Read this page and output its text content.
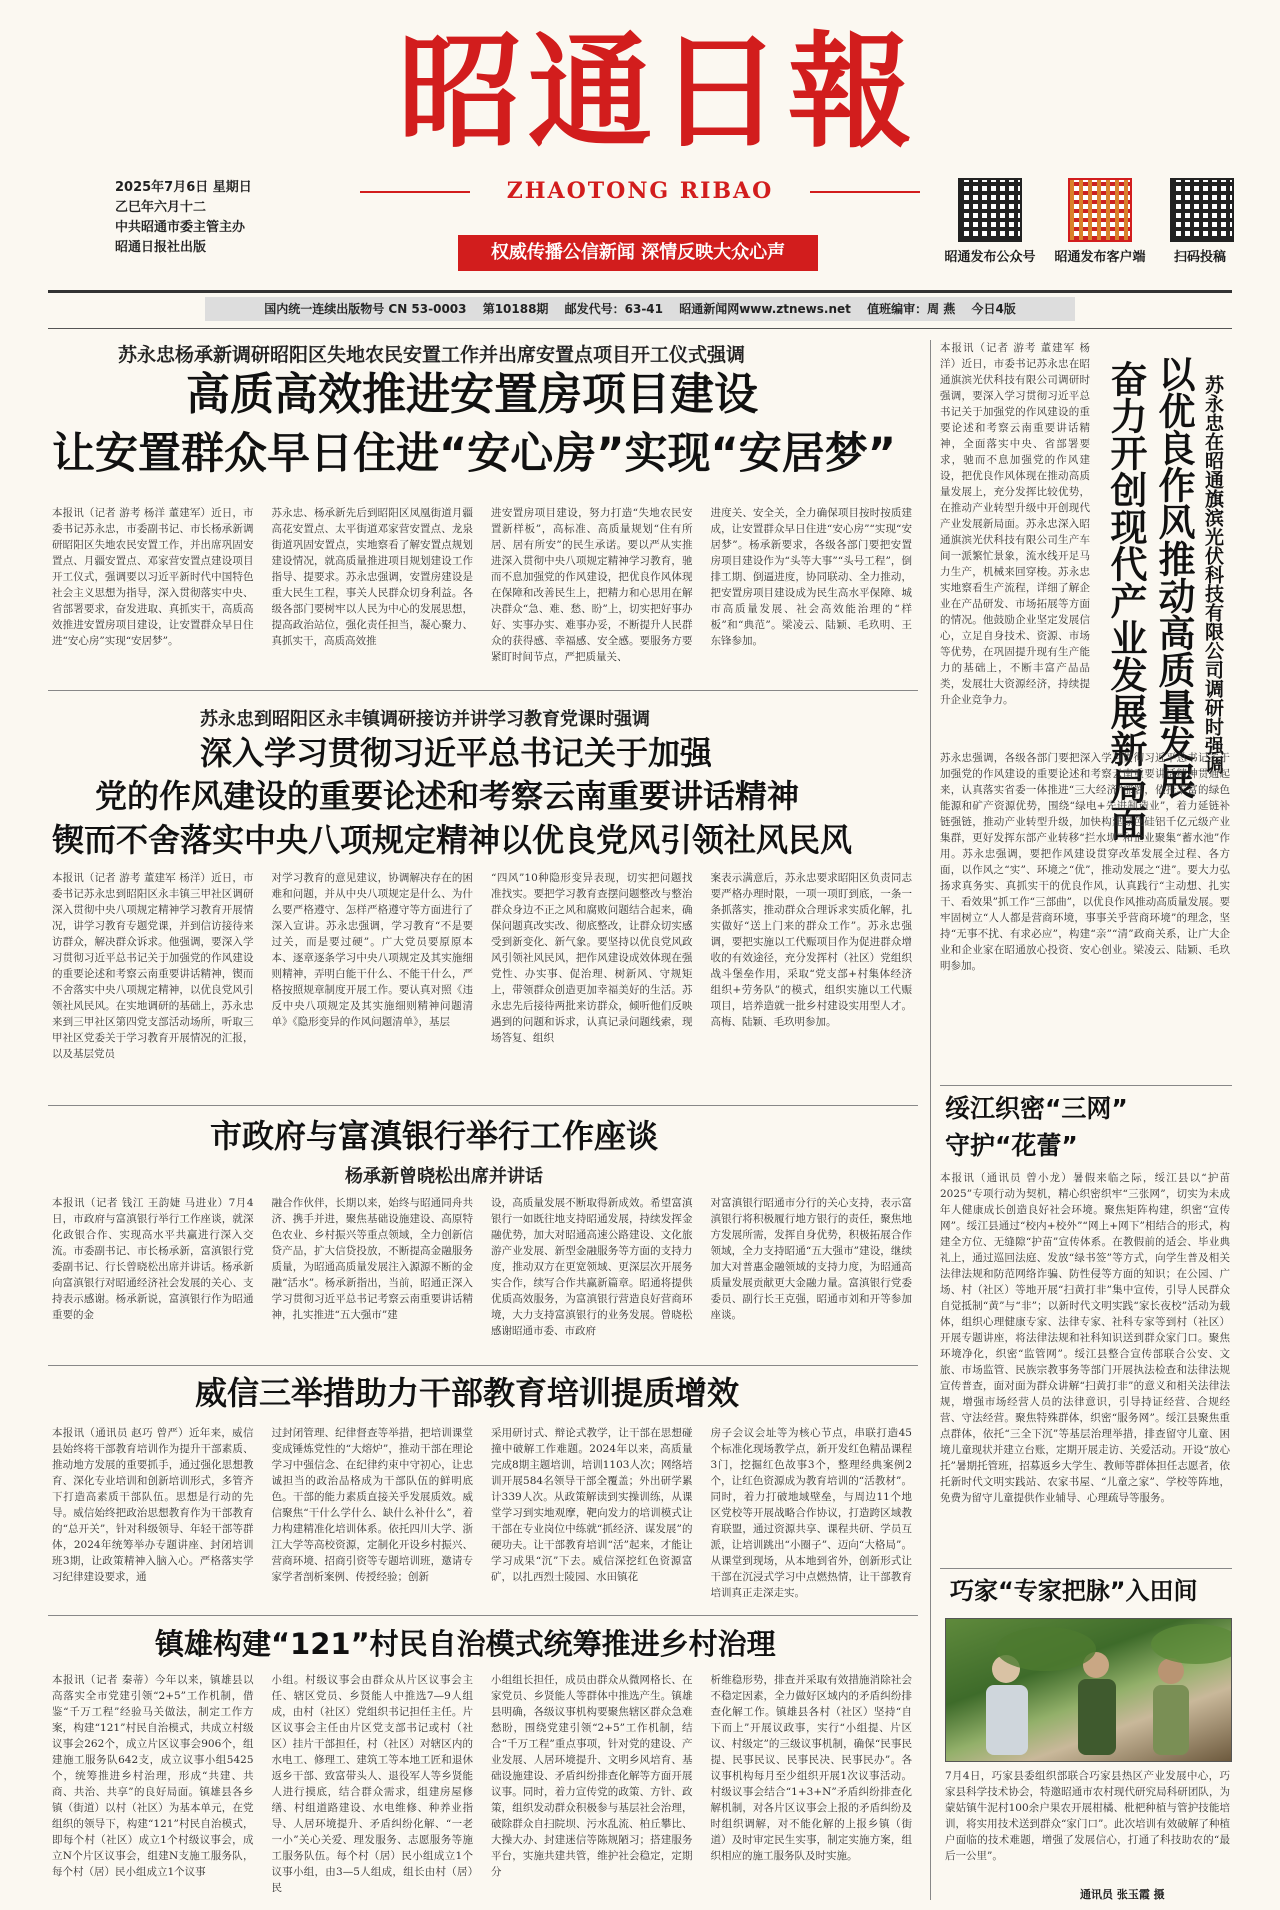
2025年7月6日 星期日
乙巳年六月十二
中共昭通市委主管主办
昭通日报社出版
昭通日報
ZHAOTONG RIBAO
权威传播公信新闻 深情反映大众心声	昭通发布公众号	昭通发布客户端	扫码投稿
国内统一连续出版物号 CN 53-0003 第10188期 邮发代号：63-41 昭通新闻网www.ztnews.net 值班编审：周 燕 今日4版
苏永忠杨承新调研昭阳区失地农民安置工作并出席安置点项目开工仪式强调
高质高效推进安置房项目建设
让安置群众早日住进“安心房”实现“安居梦”

本报讯（记者 游考 杨洋 董建军）近日，市委书记苏永忠，市委副书记、市长杨承新调研昭阳区失地农民安置工作，并出席巩固安置点、月疆安置点、邓家营安置点建设项目开工仪式，强调要以习近平新时代中国特色社会主义思想为指导，深入贯彻落实中央、省部署要求，奋发进取、真抓实干，高质高效推进安置房项目建设，让安置群众早日住进“安心房”实现“安居梦”。

苏永忠、杨承新先后到昭阳区凤凰街道月疆高花安置点、太平街道邓家营安置点、龙泉街道巩固安置点，实地察看了解安置点规划建设情况，就高质量推进项目规划建设工作指导、提要求。苏永忠强调，安置房建设是重大民生工程，事关人民群众切身利益。各级各部门要树牢以人民为中心的发展思想，提高政治站位，强化责任担当，凝心聚力、真抓实干，高质高效推

进安置房项目建设，努力打造“失地农民安置新样板”，高标准、高质量规划“住有所居、居有所安”的民生承诺。要以严从实推进深入贯彻中央八项规定精神学习教育，驰而不息加强党的作风建设，把优良作风体现在保障和改善民生上，把精力和心思用在解决群众“急、难、愁、盼”上，切实把好事办好、实事办实、难事办妥，不断提升人民群众的获得感、幸福感、安全感。要服务方要紧盯时间节点，严把质量关、

进度关、安全关，全力确保项目按时按质建成，让安置群众早日住进“安心房”“实现“安居梦”。杨承新要求，各级各部门要把安置房项目建设作为“头等大事”“头号工程”，倒排工期、倒逼进度，协同联动、全力推动，把安置房项目建设成为民生高水平保障、城市高质量发展、社会高效能治理的“样板”和“典范”。梁凌云、陆颖、毛玖明、王东锋参加。

苏永忠到昭阳区永丰镇调研接访并讲学习教育党课时强调
深入学习贯彻习近平总书记关于加强
党的作风建设的重要论述和考察云南重要讲话精神
锲而不舍落实中央八项规定精神以优良党风引领社风民风

本报讯（记者 游考 董建军 杨洋）近日，市委书记苏永忠到昭阳区永丰镇三甲社区调研深入贯彻中央八项规定精神学习教育开展情况，讲学习教育专题党课，并到信访接待来访群众，解决群众诉求。他强调，要深入学习贯彻习近平总书记关于加强党的作风建设的重要论述和考察云南重要讲话精神，锲而不舍落实中央八项规定精神，以优良党风引领社风民风。在实地调研的基础上，苏永忠来到三甲社区第四党支部活动场所，听取三甲社区党委关于学习教育开展情况的汇报，以及基层党员

对学习教育的意见建议，协调解决存在的困难和问题，并从中央八项规定是什么、为什么要严格遵守、怎样严格遵守等方面进行了深入宣讲。苏永忠强调，学习教育“不是要过关，而是要过硬”。广大党员要原原本本、逐章逐条学习中央八项规定及其实施细则精神，弄明白能干什么、不能干什么，严格按照规章制度开展工作。要认真对照《违反中央八项规定及其实施细则精神问题清单》《隐形变异的作风问题清单》，基层

“四风”10种隐形变异表现，切实把问题找准找实。要把学习教育查摆问题整改与整治群众身边不正之风和腐败问题结合起来，确保问题真改实改、彻底整改，让群众切实感受到新变化、新气象。要坚持以优良党风政风引领社风民风，把作风建设成效体现在强党性、办实事、促治理、树新风、守规矩上，带领群众创造更加幸福美好的生活。苏永忠先后接待两批来访群众，倾听他们反映遇到的问题和诉求，认真记录问题线索，现场答复、组织

案表示满意后，苏永忠要求昭阳区负责同志要严格办理时限，一项一项盯到底，一条一条抓落实，推动群众合理诉求实质化解，扎实做好“送上门来的群众工作”。苏永忠强调，要把实施以工代赈项目作为促进群众增收的有效途径，充分发挥村（社区）党组织战斗堡垒作用，采取“党支部+村集体经济组织+劳务队”的模式，组织实施以工代赈项目，培养造就一批乡村建设实用型人才。高梅、陆颖、毛玖明参加。

市政府与富滇银行举行工作座谈
杨承新曾晓松出席并讲话

本报讯（记者 钱江 王韵婕 马进业）7月4日，市政府与富滇银行举行工作座谈，就深化政银合作、实现高水平共赢进行深入交流。市委副书记、市长杨承新，富滇银行党委副书记、行长曾晓松出席并讲话。杨承新向富滇银行对昭通经济社会发展的关心、支持表示感谢。杨承新说，富滇银行作为昭通重要的金

融合作伙伴，长期以来，始终与昭通同舟共济、携手并进，聚焦基础设施建设、高原特色农业、乡村振兴等重点领域，全力创新信贷产品，扩大信贷投放，不断提高金融服务质量，为昭通高质量发展注入源源不断的金融“活水”。杨承新指出，当前，昭通正深入学习贯彻习近平总书记考察云南重要讲话精神，扎实推进“五大强市”建

设，高质量发展不断取得新成效。希望富滇银行一如既往地支持昭通发展，持续发挥金融优势，加大对昭通高速公路建设、文化旅游产业发展、新型金融服务等方面的支持力度，推动双方在更宽领域、更深层次开展务实合作，续写合作共赢新篇章。昭通将提供优质高效服务，为富滇银行营造良好营商环境，大力支持富滇银行的业务发展。曾晓松感谢昭通市委、市政府

对富滇银行昭通市分行的关心支持，表示富滇银行将积极履行地方银行的责任，聚焦地方发展所需，发挥自身优势，积极拓展合作领域，全力支持昭通“五大强市”建设，继续加大对普惠金融领域的支持力度，为昭通高质量发展贡献更大金融力量。富滇银行党委委员、副行长王克强，昭通市刘和开等参加座谈。

威信三举措助力干部教育培训提质增效

本报讯（通讯员 赵巧 曾严）近年来，威信县始终将干部教育培训作为提升干部素质、推动地方发展的重要抓手，通过强化思想教育、深化专业培训和创新培训形式，多管齐下打造高素质干部队伍。思想是行动的先导。威信始终把政治思想教育作为干部教育的“总开关”，针对科级领导、年轻干部等群体，2024年统筹举办专题讲座、封闭培训班3期，让政策精神入脑入心。严格落实学习纪律建设要求，通

过封闭管理、纪律督查等举措，把培训课堂变成锤炼党性的“大熔炉”，推动干部在理论学习中强信念、在纪律约束中守初心，让忠诚担当的政治品格成为干部队伍的鲜明底色。干部的能力素质直接关乎发展质效。威信聚焦“干什么学什么、缺什么补什么”，着力构建精准化培训体系。依托四川大学、浙江大学等高校资源，定制化开设乡村振兴、营商环境、招商引资等专题培训班，邀请专家学者剖析案例、传授经验；创新

采用研讨式、辩论式教学，让干部在思想碰撞中破解工作难题。2024年以来，高质量完成8期主题培训，培训1103人次；网络培训开展584名领导干部全覆盖；外出研学累计339人次。从政策解读到实操训练，从课堂学习到实地观摩，靶向发力的培训模式让干部在专业岗位中练就“抓经济、谋发展”的硬功夫。让干部教育培训“活”起来，才能让学习成果“沉”下去。威信深挖红色资源富矿，以扎西烈士陵园、水田镇花

房子会议会址等为核心节点，串联打造45个标准化现场教学点，新开发红色精品课程3门，挖掘红色故事3个，整理经典案例2个，让红色资源成为教育培训的“活教材”。同时，着力打破地域壁垒，与周边11个地区党校等开展战略合作协议，打造跨区域教育联盟，通过资源共享、课程共研、学员互派，让培训跳出“小圈子”、迈向“大格局”。从课堂到现场，从本地到省外，创新形式让干部在沉浸式学习中点燃热情，让干部教育培训真正走深走实。

镇雄构建“121”村民自治模式统筹推进乡村治理

本报讯（记者 秦蒂）今年以来，镇雄县以高落实全市党建引领“2+5”工作机制，借鉴“千万工程”经验马关做法，制定工作方案，构建“121”村民自治模式，共成立村级议事会262个，成立片区议事会906个，组建施工服务队642支，成立议事小组5425个，统筹推进乡村治理，形成“共建、共商、共治、共享”的良好局面。镇雄县各乡镇（街道）以村（社区）为基本单元，在党组织的领导下，构建“121”村民自治模式，即每个村（社区）成立1个村级议事会，成立N个片区议事会，组建N支施工服务队，每个村（居）民小组成立1个议事

小组。村级议事会由群众从片区议事会主任、辖区党员、乡贤能人中推选7—9人组成，由村（社区）党组织书记担任主任。片区议事会主任由片区党支部书记或村（社区）挂片干部担任，村（社区）对辖区内的水电工、修理工、建筑工等本地工匠和退休返乡干部、致富带头人、退役军人等乡贤能人进行摸底，结合群众需求，组建房屋修缮、村组道路建设、水电维修、种养业指导、人居环境提升、矛盾纠纷化解、“一老一小”关心关爱、理发服务、志愿服务等施工服务队伍。每个村（居）民小组成立1个议事小组，由3—5人组成，组长由村（居）民

小组组长担任，成员由群众从微网格长、在家党员、乡贤能人等群体中推选产生。镇雄县明确，各级议事机构要聚焦辖区群众急难愁盼，围绕党建引领“2+5”工作机制，结合“千万工程”重点事项，针对党的建设、产业发展、人居环境提升、文明乡风培育、基础设施建设、矛盾纠纷排查化解等方面开展议事。同时，着力宣传党的政策、方针、政策，组织发动群众积极参与基层社会治理，破除群众自扫院坝、污水乱流、柏丘攀比、大操大办、封建迷信等陈规陋习；搭建服务平台，实施共建共管，维护社会稳定，定期分

析维稳形势，排查并采取有效措施消除社会不稳定因素，全力做好区域内的矛盾纠纷排查化解工作。镇雄县各村（社区）坚持“自下而上”开展议政事，实行“小组提、片区议、村级定”的三级议事机制，确保“民事民提、民事民议、民事民决、民事民办”。各议事机构每月至少组织开展1次议事活动。村级议事会结合“1+3+N”矛盾纠纷排查化解机制，对各片区议事会上报的矛盾纠纷及时组织调解，对不能化解的上报乡镇（街道）及时审定民生实事，制定实施方案，组织相应的施工服务队及时实施。

本报讯（记者 游考 董建军 杨洋）近日，市委书记苏永忠在昭通旗滨光伏科技有限公司调研时强调，要深入学习贯彻习近平总书记关于加强党的作风建设的重要论述和考察云南重要讲话精神，全面落实中央、省部署要求，驰而不息加强党的作风建设，把优良作风体现在推动高质量发展上，充分发挥比较优势，在推动产业转型升级中开创现代产业发展新局面。苏永忠深入昭通旗滨光伏科技有限公司生产车间一派繁忙景象，流水线开足马力生产，机械来回穿梭。苏永忠实地察看生产流程，详细了解企业在产品研发、市场拓展等方面的情况。他鼓励企业坚定发展信心，立足自身技术、资源、市场等优势，在巩固提升现有生产能力的基础上，不断丰富产品品类，发展壮大资源经济，持续提升企业竞争力。	苏永忠在昭通旗滨光伏科技有限公司调研时强调
以优良作风推动高质量发展
奋力开创现代产业发展新局面

苏永忠强调，各级各部门要把深入学习贯彻习近平总书记关于加强党的作风建设的重要论述和考察云南重要讲话精神贯通起来，认真落实省委一体推进“三大经济”部署，依托丰富的绿色能源和矿产资源优势，围绕“绿电+先进制造业”，着力延链补链强链，推动产业转型升级，加快构建绿色硅铝千亿元级产业集群，更好发挥东部产业转移“拦水坝”和企业聚集“蓄水池”作用。苏永忠强调，要把作风建设贯穿改革发展全过程、各方面，以作风之“实”、环境之“优”，推动发展之“进”。要大力弘扬求真务实、真抓实干的优良作风，认真践行“主动想、扎实干、看效果”抓工作“三部曲”，以优良作风推动高质量发展。要牢固树立“人人都是营商环境，事事关乎营商环境”的理念，坚持“无事不扰、有求必应”，构建“亲”“清”政商关系，让广大企业和企业家在昭通放心投资、安心创业。梁凌云、陆颖、毛玖明参加。

绥江织密“三网”
守护“花蕾”

本报讯（通讯员 曾小龙）暑假来临之际，绥江县以“护苗2025”专项行动为契机，精心织密织牢“三张网”，切实为未成年人健康成长创造良好社会环境。聚焦矩阵构建，织密“宣传网”。绥江县通过“校内+校外”“网上+网下”相结合的形式，构建全方位、无缝隙“护苗”宣传体系。在教假前的适会、毕业典礼上，通过巡回法庭、发放“绿书签”等方式，向学生普及相关法律法规和防范网络诈骗、防性侵等方面的知识；在公园、广场、村（社区）等地开展“扫黄打非”集中宣传，引导人民群众自觉抵制“黄”与“非”；以新时代文明实践“家长夜校”活动为载体，组织心理健康专家、法律专家、社科专家等到村（社区）开展专题讲座，将法律法规和社科知识送到群众家门口。聚焦环境净化，织密“监管网”。绥江县整合宣传部联合公安、文旅、市场监管、民族宗教事务等部门开展执法检查和法律法规宣传普查，面对面为群众讲解“扫黄打非”的意义和相关法律法规，增强市场经营人员的法律意识，引导持证经营、合规经营、守法经营。聚焦特殊群体，织密“服务网”。绥江县聚焦重点群体，依托“三全下沉”等基层治理举措，排查留守儿童、困境儿童现状并建立台账，定期开展走访、关爱活动。开设“放心托”暑期托管班，招募返乡大学生、教师等群体担任志愿者，依托新时代文明实践站、农家书屋、“儿童之家”、学校等阵地，免费为留守儿童提供作业辅导、心理疏导等服务。

巧家“专家把脉”入田间

7月4日，巧家县委组织部联合巧家县热区产业发展中心，巧家县科学技术协会，特邀昭通市农村现代研究局科研团队，为蒙姑镇牛泥村100余户果农开展柑橘、枇杷种植与管护技能培训，将实用技术送到群众“家门口”。此次培训有效破解了种植户面临的技术难题，增强了发展信心，打通了科技助农的“最后一公里”。

通讯员 张玉霞 摄
